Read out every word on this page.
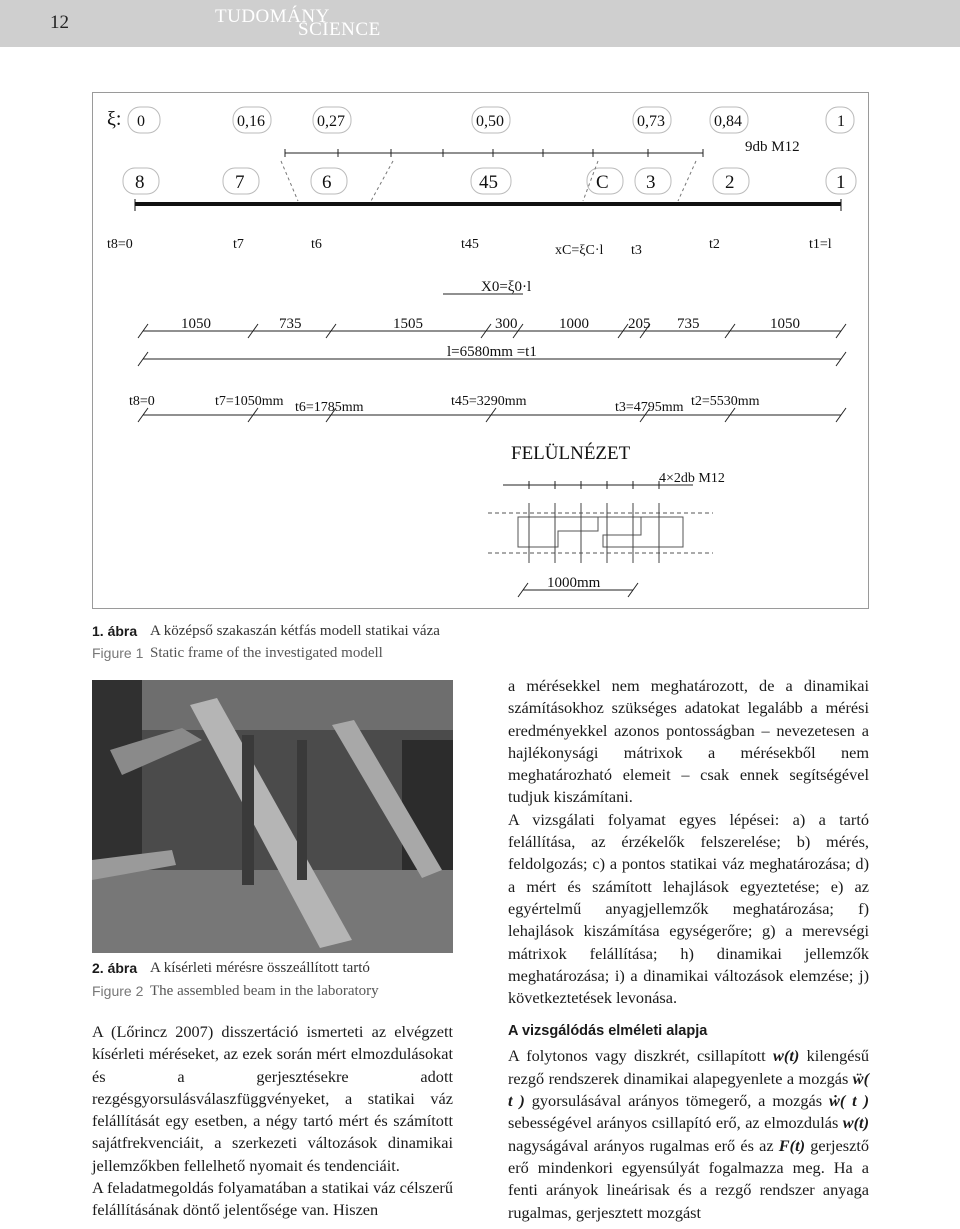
12	TUDOMÁNY
SCIENCE
ξ: 0	0,16	0,27	0,50	0,73	0,84	1
9db M12
8	7	6	45	C 3	2	1
t8=0	t7	t6	t45	xC=ξC·l t3	t2	t1=l
X0=ξ0·l
1050	735	1505	300	1000	205 735	1050
l=6580mm =t1
t8=0	t7=1050mm t6=1785mm	t45=3290mm	t3=4795mm t2=5530mm
FELÜLNÉZET
4×2db M12
1000mm
1. ábra A középső szakaszán kétfás modell statikai váza
Figure 1 Static frame of the investigated modell
2. ábra A kísérleti mérésre összeállított tartó
Figure 2 The assembled beam in the laboratory

A (Lőrincz 2007) disszertáció ismerteti az elvégzett kísérleti méréseket, az ezek során mért elmozdulásokat és a gerjesztésekre adott rezgésgyorsulásválaszfüggvényeket, a statikai váz felállítását egy esetben, a négy tartó mért és számított sajátfrekvenciáit, a szerkezeti változások dinamikai jellemzőkben fellelhető nyomait és tendenciáit.

A feladatmegoldás folyamatában a statikai váz célszerű felállításának döntő jelentősége van. Hiszen

a mérésekkel nem meghatározott, de a dinamikai számításokhoz szükséges adatokat legalább a mérési eredményekkel azonos pontosságban – nevezetesen a hajlékonysági mátrixok a mérésekből nem meghatározható elemeit – csak ennek segítségével tudjuk kiszámítani.

A vizsgálati folyamat egyes lépései: a) a tartó felállítása, az érzékelők felszerelése; b) mérés, feldolgozás; c) a pontos statikai váz meghatározása; d) a mért és számított lehajlások egyeztetése; e) az egyértelmű anyagjellemzők meghatározása; f) lehajlások kiszámítása egységerőre; g) a merevségi mátrixok felállítása; h) dinamikai jellemzők meghatározása; i) a dinamikai változások elemzése; j) következtetések levonása.

A vizsgálódás elméleti alapja

A folytonos vagy diszkrét, csillapított w(t) kilengésű rezgő rendszerek dinamikai alapegyenlete a mozgás ẅ( t ) gyorsulásával arányos tömegerő, a mozgás ẇ( t ) sebességével arányos csillapító erő, az elmozdulás w(t) nagyságával arányos rugalmas erő és az F(t) gerjesztő erő mindenkori egyensúlyát fogalmazza meg. Ha a fenti arányok lineárisak és a rezgő rendszer anyaga rugalmas, gerjesztett mozgást
